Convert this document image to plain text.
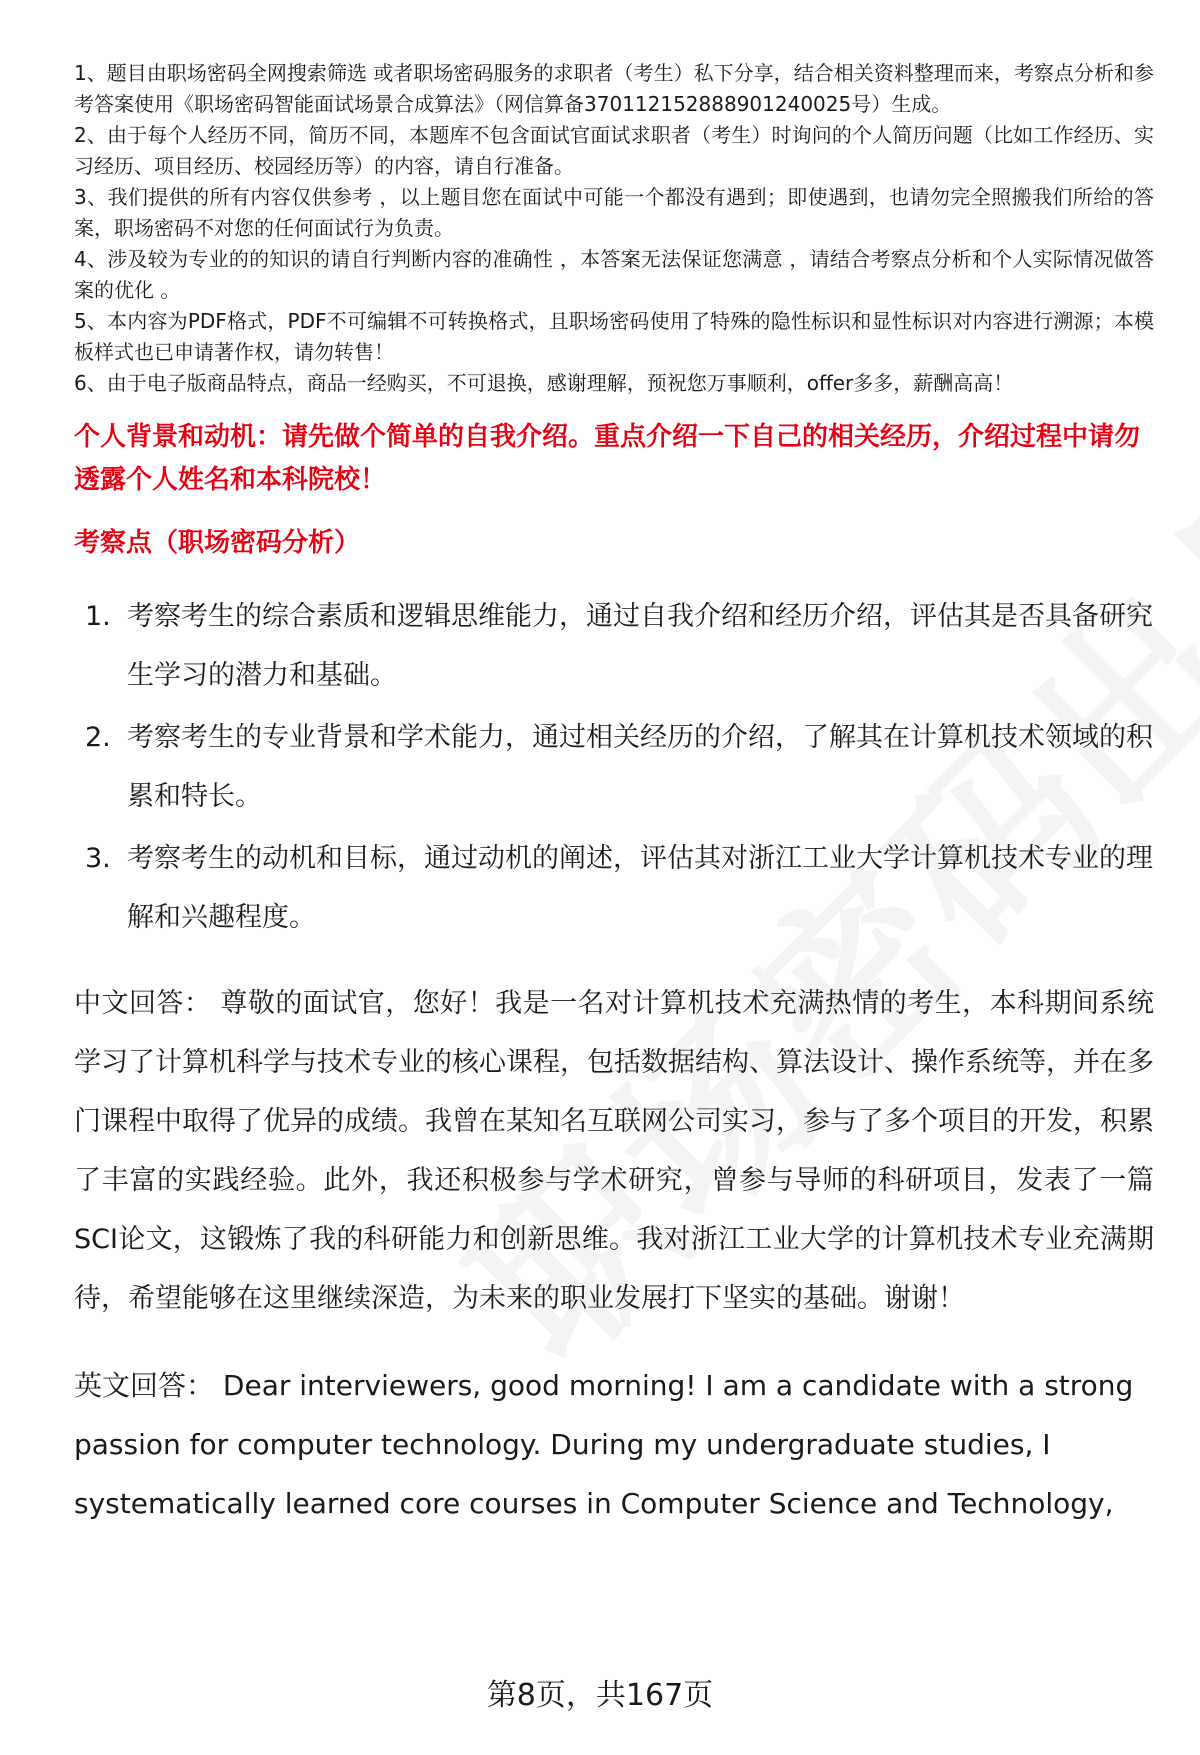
1、题目由职场密码全网搜索筛选 或者职场密码服务的求职者（考生）私下分享，结合相关资料整理而来，考察点分析和参考答案使用《职场密码智能面试场景合成算法》（网信算备370112152888901240025号）生成。
2、由于每个人经历不同，简历不同，本题库不包含面试官面试求职者（考生）时询问的个人简历问题（比如工作经历、实习经历、项目经历、校园经历等）的内容，请自行准备。
3、我们提供的所有内容仅供参考 ，以上题目您在面试中可能一个都没有遇到；即使遇到，也请勿完全照搬我们所给的答案，职场密码不对您的任何面试行为负责。
4、涉及较为专业的的知识的请自行判断内容的准确性 ，本答案无法保证您满意 ，请结合考察点分析和个人实际情况做答案的优化 。
5、本内容为PDF格式，PDF不可编辑不可转换格式，且职场密码使用了特殊的隐性标识和显性标识对内容进行溯源；本模板样式也已申请著作权，请勿转售！
6、由于电子版商品特点，商品一经购买，不可退换，感谢理解，预祝您万事顺利，offer多多，薪酬高高！
个人背景和动机：请先做个简单的自我介绍。重点介绍一下自己的相关经历，介绍过程中请勿透露个人姓名和本科院校！
考察点（职场密码分析）
1. 考察考生的综合素质和逻辑思维能力，通过自我介绍和经历介绍，评估其是否具备研究生学习的潜力和基础。
2. 考察考生的专业背景和学术能力，通过相关经历的介绍，了解其在计算机技术领域的积累和特长。
3. 考察考生的动机和目标，通过动机的阐述，评估其对浙江工业大学计算机技术专业的理解和兴趣程度。

中文回答： 尊敬的面试官，您好！我是一名对计算机技术充满热情的考生，本科期间系统学习了计算机科学与技术专业的核心课程，包括数据结构、算法设计、操作系统等，并在多门课程中取得了优异的成绩。我曾在某知名互联网公司实习，参与了多个项目的开发，积累了丰富的实践经验。此外，我还积极参与学术研究，曾参与导师的科研项目，发表了一篇SCI论文，这锻炼了我的科研能力和创新思维。我对浙江工业大学的计算机技术专业充满期待，希望能够在这里继续深造，为未来的职业发展打下坚实的基础。谢谢！

英文回答： Dear interviewers, good morning! I am a candidate with a strong passion for computer technology. During my undergraduate studies, I systematically learned core courses in Computer Science and Technology,

第8页，共167页
